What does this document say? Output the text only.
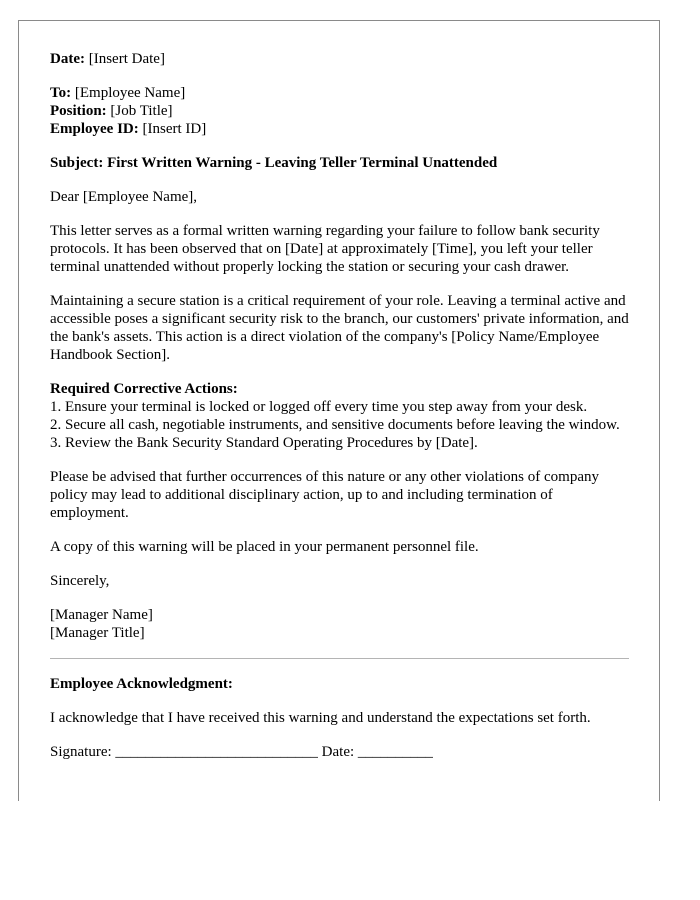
Date: [Insert Date]

To: [Employee Name]
Position: [Job Title]
Employee ID: [Insert ID]

Subject: First Written Warning - Leaving Teller Terminal Unattended

Dear [Employee Name],

This letter serves as a formal written warning regarding your failure to follow bank security protocols. It has been observed that on [Date] at approximately [Time], you left your teller terminal unattended without properly locking the station or securing your cash drawer.

Maintaining a secure station is a critical requirement of your role. Leaving a terminal active and accessible poses a significant security risk to the branch, our customers' private information, and the bank's assets. This action is a direct violation of the company's [Policy Name/Employee Handbook Section].

Required Corrective Actions:
1. Ensure your terminal is locked or logged off every time you step away from your desk.
2. Secure all cash, negotiable instruments, and sensitive documents before leaving the window.
3. Review the Bank Security Standard Operating Procedures by [Date].

Please be advised that further occurrences of this nature or any other violations of company policy may lead to additional disciplinary action, up to and including termination of employment.

A copy of this warning will be placed in your permanent personnel file.

Sincerely,

[Manager Name]
[Manager Title]

Employee Acknowledgment:

I acknowledge that I have received this warning and understand the expectations set forth.

Signature: ___________________________ Date: __________
